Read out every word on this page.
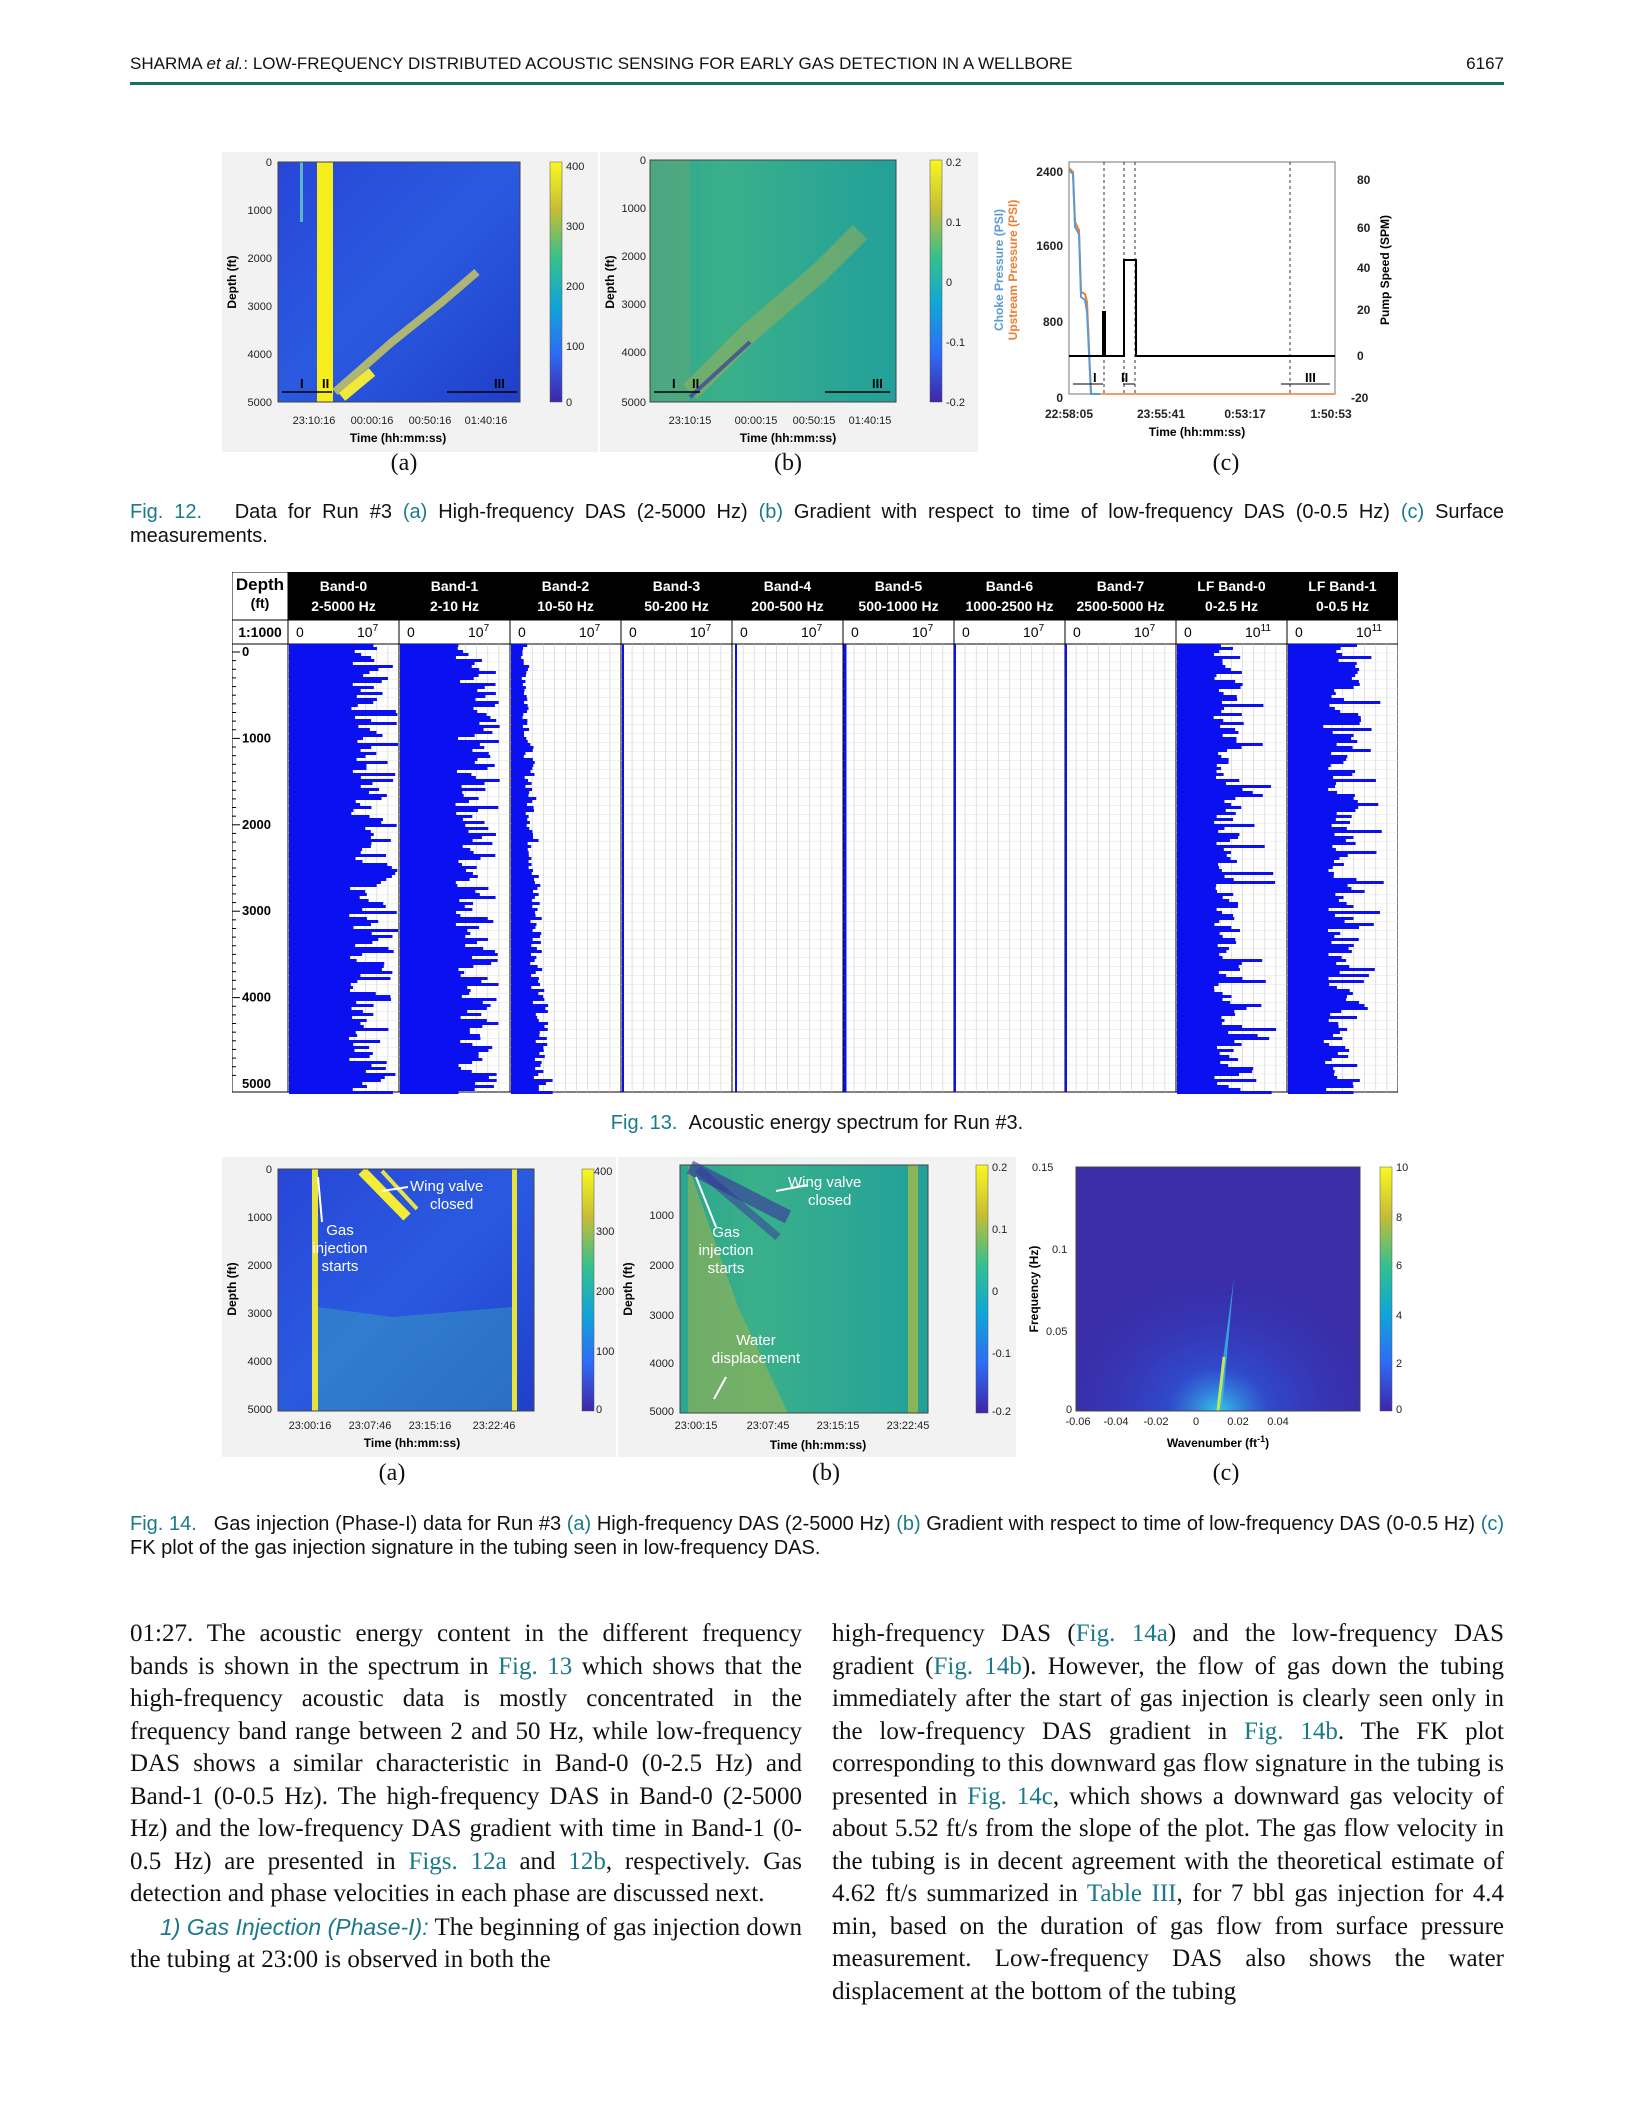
SHARMA et al.: LOW-FREQUENCY DISTRIBUTED ACOUSTIC SENSING FOR EARLY GAS DETECTION IN A WELLBORE	6167
I II	III
0
1000
2000
3000
4000
5000
23:10:16 00:00:16 00:50:16 01:40:16
400
300
200
100
0
Time (hh:mm:ss)
Depth (ft)
(a)
I II	III
0
1000
2000
3000
4000
5000
23:10:15 00:00:15 00:50:15 01:40:15
0.2
0.1
0
-0.1
-0.2
Time (hh:mm:ss)
Depth (ft)
(b)
I II	III
2400
1600
800
0
80
60
40
20
0
-20
22:58:05	23:55:41	0:53:17	1:50:53
Time (hh:mm:ss)
Choke Pressure (PSI) Upstream Pressure (PSI)	Pump Speed (SPM)
(c)
Fig. 12. Data for Run #3 (a) High-frequency DAS (2-5000 Hz) (b) Gradient with respect to time of low-frequency DAS (0-0.5 Hz) (c) Surface measurements.
Depth
(ft)
1:1000
0
1000
2000
3000
4000
5000
Band-0
2-5000 Hz
0	$10^7$
Band-1
2-10 Hz
0	$10^7$
Band-2
10-50 Hz
0	$10^7$
Band-3
50-200 Hz
0	$10^7$
Band-4
200-500 Hz
0	$10^7$
Band-5
500-1000 Hz
0	$10^7$
Band-6
1000-2500 Hz
0	$10^7$
Band-7
2500-5000 Hz
0	$10^7$
LF Band-0
0-2.5 Hz
0	$10^{11}$
LF Band-1
0-0.5 Hz
0	$10^{11}$
Fig. 13. Acoustic energy spectrum for Run #3.
Wing valve
closed
Gas
injection
starts
0
1000
2000
3000
4000
5000
23:00:16 23:07:46 23:15:16 23:22:46
400
300
200
100
0
Time (hh:mm:ss)
Depth (ft)
(a)
Wing valve
closed
Gas
injection
starts
Water
displacement
1000
2000
3000
4000
5000
23:00:15	23:07:45 23:15:15 23:22:45
0.2
0.1
0
-0.1
-0.2
Time (hh:mm:ss)
Depth (ft)
(b)
0.15
0.1
0.05
0
-0.06 -0.04 -0.02 0	0.02 0.04
10
8
6
4
2
0
Wavenumber $(ft^{-1})$
Frequency (Hz)
(c)
Fig. 14. Gas injection (Phase-I) data for Run #3 (a) High-frequency DAS (2-5000 Hz) (b) Gradient with respect to time of low-frequency DAS (0-0.5 Hz) (c) FK plot of the gas injection signature in the tubing seen in low-frequency DAS.
01:27. The acoustic energy content in the different frequency bands is shown in the spectrum in Fig. 13 which shows that the high-frequency acoustic data is mostly concentrated in the frequency band range between 2 and 50 Hz, while low-frequency DAS shows a similar characteristic in Band-0 (0-2.5 Hz) and Band-1 (0-0.5 Hz). The high-frequency DAS in Band-0 (2-5000 Hz) and the low-frequency DAS gradient with time in Band-1 (0-0.5 Hz) are presented in Figs. 12a and 12b, respectively. Gas detection and phase velocities in each phase are discussed next.
1) Gas Injection (Phase-I): The beginning of gas injection down the tubing at 23:00 is observed in both the
high-frequency DAS (Fig. 14a) and the low-frequency DAS gradient (Fig. 14b). However, the flow of gas down the tubing immediately after the start of gas injection is clearly seen only in the low-frequency DAS gradient in Fig. 14b. The FK plot corresponding to this downward gas flow signature in the tubing is presented in Fig. 14c, which shows a downward gas velocity of about 5.52 ft/s from the slope of the plot. The gas flow velocity in the tubing is in decent agreement with the theoretical estimate of 4.62 ft/s summarized in Table III, for 7 bbl gas injection for 4.4 min, based on the duration of gas flow from surface pressure measurement. Low-frequency DAS also shows the water displacement at the bottom of the tubing
